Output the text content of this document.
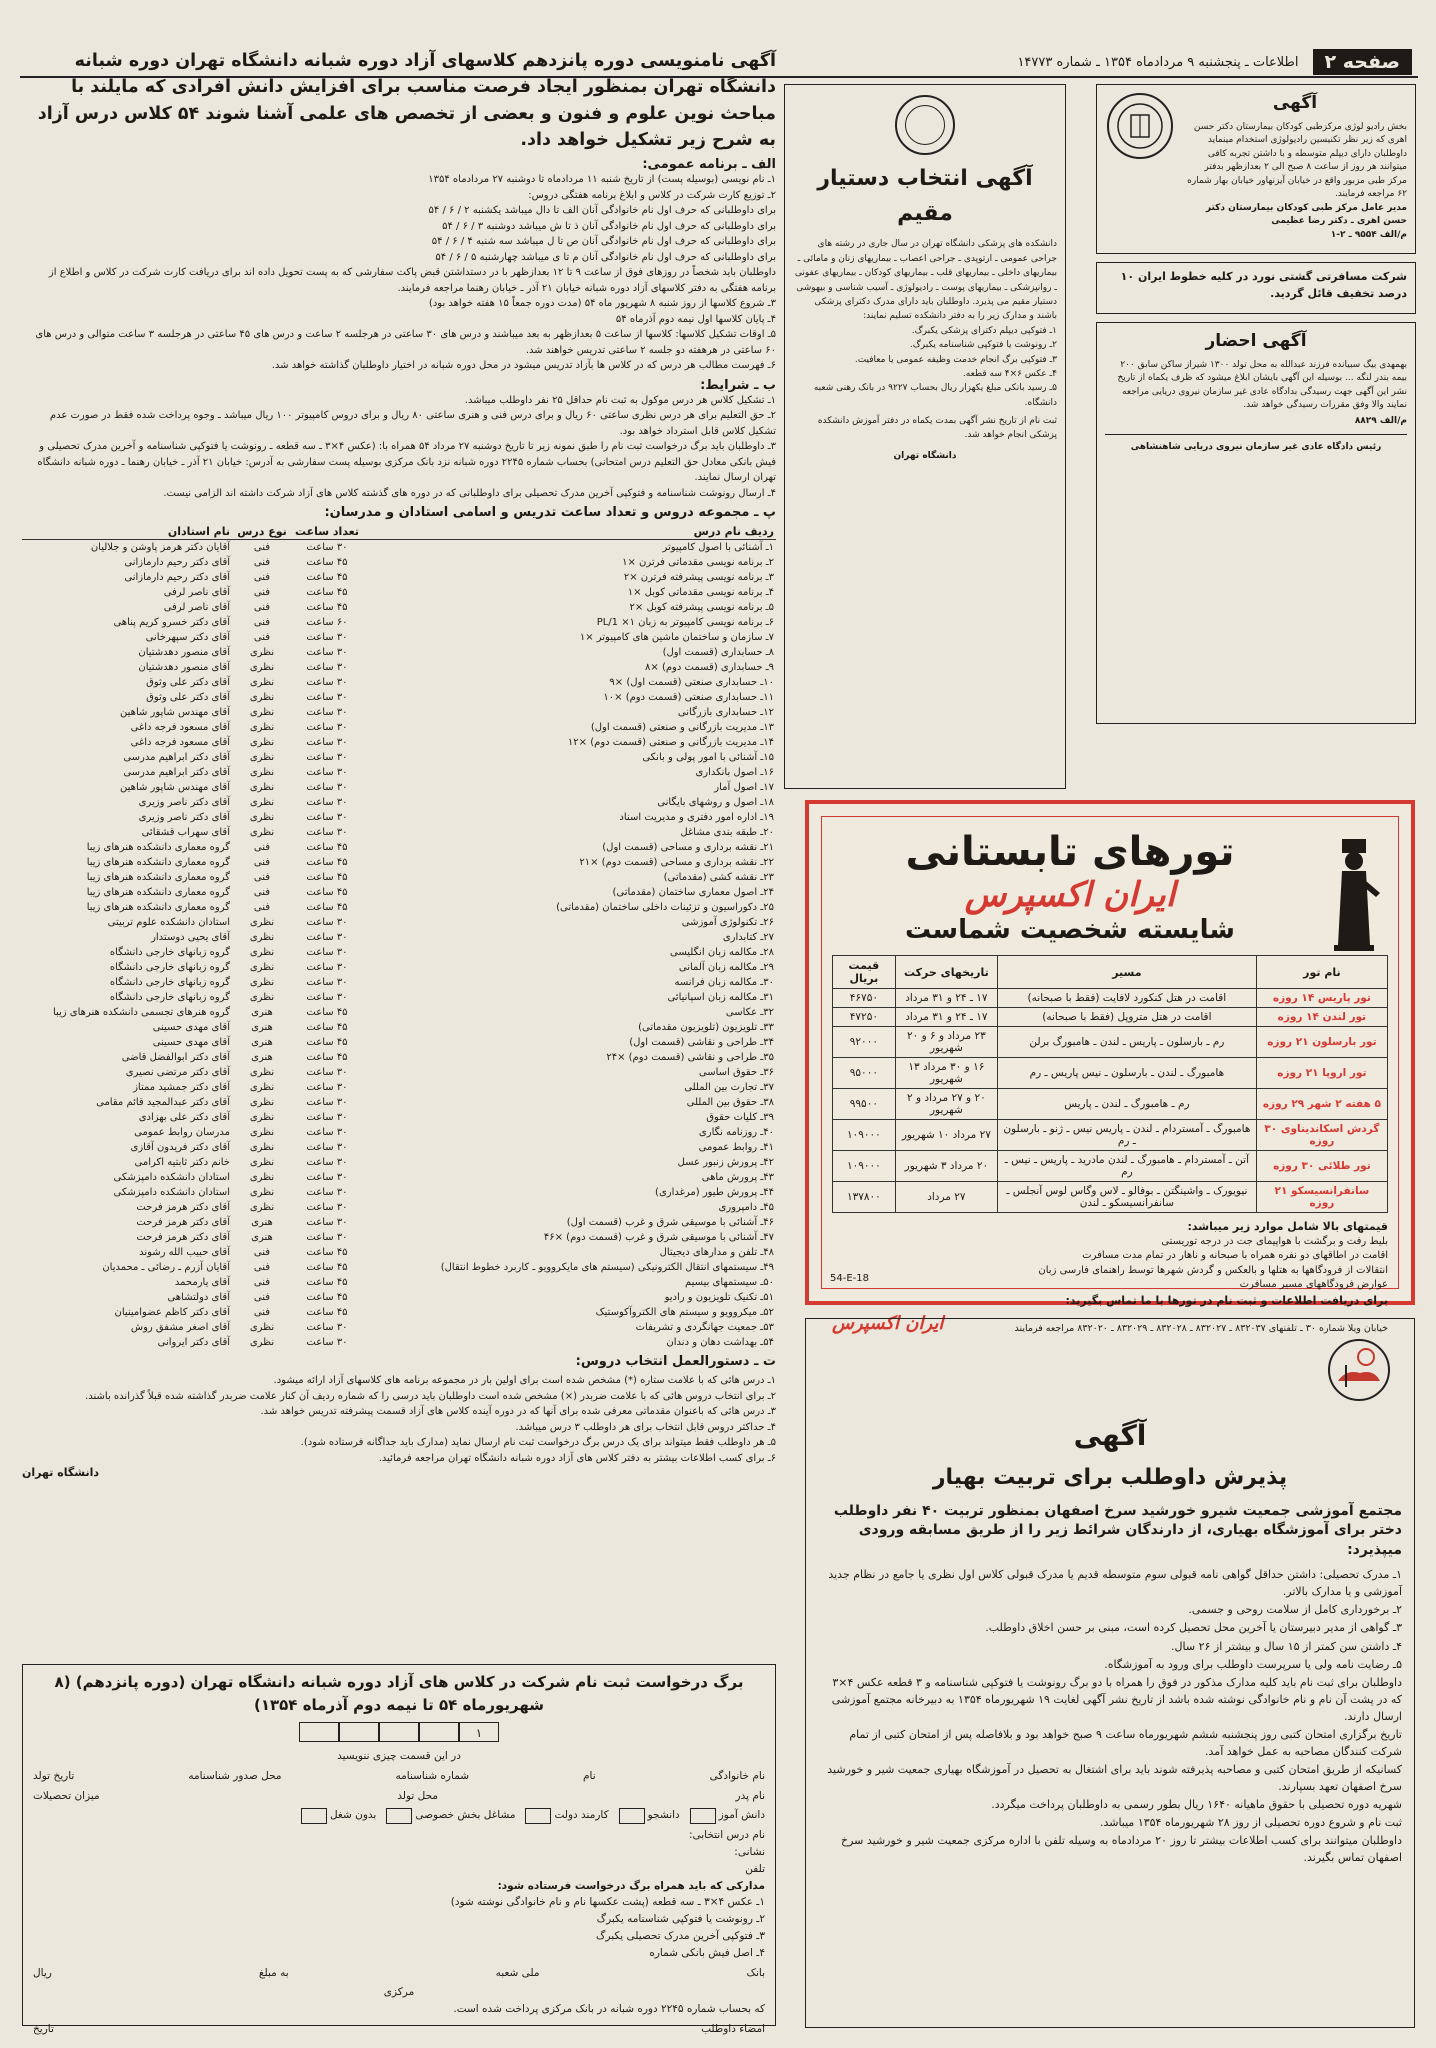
صفحه ۲
اطلاعات ـ پنجشنبه ۹ مردادماه ۱۳۵۴ ـ شماره ۱۴۷۷۳
آگهی

بخش رادیو لوژی مرکزطبی کودکان بیمارستان دکتر حسن اهری که زیر نظر تکنیسین رادیولوژی استخدام مینماید داوطلبان دارای دیپلم متوسطه و با داشتن تجربه کافی میتوانند هر روز از ساعت ۸ صبح الی ۲ بعدازظهر بدفتر مرکز طبی مزبور واقع در خیابان آیزنهاور خیابان بهار شماره ۶۲ مراجعه فرمایند.

مدیر عامل مرکز طبی کودکان بیمارستان دکتر حسن اهری ـ دکتر رضا عظیمی

م/الف ۹۵۵۴ ـ ۲-۱

شرکت مسافرتی گشتی نورد در کلیه خطوط ایران ۱۰ درصد تخفیف قائل گردید.

آگهی احضار

بهمهدی بیگ سبیانده فرزند عبدالله به محل تولد ۱۳۰۰ شیراز ساکن سابق ۲۰۰ بیمه بندر لنگه ... بوسیله این آگهی بایشان ابلاغ میشود که ظرف یکماه از تاریخ نشر این آگهی جهت رسیدگی بدادگاه عادی غیر سازمان نیروی دریایی مراجعه نمایند والا وفق مقررات رسیدگی خواهد شد.

م/الف ۸۸۲۹

رئیس دادگاه عادی غیر سازمان نیروی دریایی شاهنشاهی

آگهی انتخاب دستیار مقیم

دانشکده های پزشکی دانشگاه تهران در سال جاری در رشته های جراحی عمومی ـ ارتوپدی ـ جراحی اعصاب ـ بیماریهای زنان و مامائی ـ بیماریهای داخلی ـ بیماریهای قلب ـ بیماریهای کودکان ـ بیماریهای عفونی ـ روانپزشکی ـ بیماریهای پوست ـ رادیولوژی ـ آسیب شناسی و بیهوشی دستیار مقیم می پذیرد. داوطلبان باید دارای مدرک دکترای پزشکی باشند و مدارک زیر را به دفتر دانشکده تسلیم نمایند:

۱ـ فتوکپی دیپلم دکترای پزشکی یکبرگ.

۲ـ رونوشت یا فتوکپی شناسنامه یکبرگ.

۳ـ فتوکپی برگ انجام خدمت وظیفه عمومی یا معافیت.

۴ـ عکس ۶×۴ سه قطعه.

۵ـ رسید بانکی مبلغ یکهزار ریال بحساب ۹۲۲۷ در بانک رهنی شعبه دانشگاه.

ثبت نام از تاریخ نشر آگهی بمدت یکماه در دفتر آموزش دانشکده پزشکی انجام خواهد شد.

دانشگاه تهران

تورهای تابستانی
ایران اکسپرس
شایسته شخصیت شماست
نام تور	مسیر	تاریخهای حرکت	قیمت بریال
تور پاریس ۱۴ روزه	اقامت در هتل کنکورد لافایت (فقط با صبحانه)	۱۷ ـ ۲۴ و ۳۱ مرداد	۴۶۷۵۰
تور لندن ۱۴ روزه	اقامت در هتل متروپل (فقط با صبحانه)	۱۷ ـ ۲۴ و ۳۱ مرداد	۴۷۲۵۰
تور بارسلون ۲۱ روزه	رم ـ بارسلون ـ پاریس ـ لندن ـ هامبورگ برلن	۲۳ مرداد و ۶ و ۲۰ شهریور	۹۲۰۰۰
تور اروپا ۲۱ روزه	هامبورگ ـ لندن ـ بارسلون ـ نیس پاریس ـ رم	۱۶ و ۳۰ مرداد ۱۳ شهریور	۹۵۰۰۰
۵ هفته ۲ شهر ۲۹ روزه	رم ـ هامبورگ ـ لندن ـ پاریس	۲۰ و ۲۷ مرداد و ۲ شهریور	۹۹۵۰۰
گردش اسکاندیناوی ۳۰ روزه	هامبورگ ـ آمستردام ـ لندن ـ پاریس نیس ـ ژنو ـ بارسلون ـ رم	۲۷ مرداد ۱۰ شهریور	۱۰۹۰۰۰
تور طلائی ۳۰ روزه	آتن ـ آمستردام ـ هامبورگ ـ لندن مادرید ـ پاریس ـ نیس ـ رم	۲۰ مرداد ۳ شهریور	۱۰۹۰۰۰
سانفرانسیسکو ۲۱ روزه	نیویورک ـ واشینگتن ـ بوفالو ـ لاس وگاس لوس آنجلس ـ سانفرانسیسکو ـ لندن	۲۷ مرداد	۱۳۷۸۰۰

قیمتهای بالا شامل موارد زیر میباشد:

بلیط رفت و برگشت با هواپیمای جت در درجه توریستی

اقامت در اطاقهای دو نفره همراه با صبحانه و ناهار در تمام مدت مسافرت

انتقالات از فرودگاهها به هتلها و بالعکس و گردش شهرها توسط راهنمای فارسی زبان

عوارض فرودگاههای مسیر مسافرت

برای دریافت اطلاعات و ثبت نام در تورها با ما تماس بگیرید:

خیابان ویلا شماره ۳۰ ـ تلفنهای ۸۳۲۰۳۷ ـ ۸۳۲۰۲۷ ـ ۸۳۲۰۲۸ ـ ۸۳۲۰۲۹ ـ ۸۳۲۰۲۰ مراجعه فرمایند
ایران اکسپرس
54-E-18
آگهی
پذیرش داوطلب برای تربیت بهیار
مجتمع آموزشی جمعیت شیرو خورشید سرخ اصفهان بمنظور تربیت ۴۰ نفر داوطلب دختر برای آموزشگاه بهیاری، از دارندگان شرائط زیر را از طریق مسابقه ورودی میپذیرد:

۱ـ مدرک تحصیلی: داشتن حداقل گواهی نامه قبولی سوم متوسطه قدیم یا مدرک قبولی کلاس اول نظری یا جامع در نظام جدید آموزشی و یا مدارک بالاتر.

۲ـ برخورداری کامل از سلامت روحی و جسمی.

۳ـ گواهی از مدیر دبیرستان یا آخرین محل تحصیل کرده است، مبنی بر حسن اخلاق داوطلب.

۴ـ داشتن سن کمتر از ۱۵ سال و بیشتر از ۲۶ سال.

۵ـ رضایت نامه ولی یا سرپرست داوطلب برای ورود به آموزشگاه.

داوطلبان برای ثبت نام باید کلیه مدارک مذکور در فوق را همراه با دو برگ رونوشت یا فتوکپی شناسنامه و ۳ قطعه عکس ۴×۳ که در پشت آن نام و نام خانوادگی نوشته شده باشد از تاریخ نشر آگهی لغایت ۱۹ شهریورماه ۱۳۵۴ به دبیرخانه مجتمع آموزشی ارسال دارند.

تاریخ برگزاری امتحان کتبی روز پنجشنبه ششم شهریورماه ساعت ۹ صبح خواهد بود و بلافاصله پس از امتحان کتبی از تمام شرکت کنندگان مصاحبه به عمل خواهد آمد.

کسانیکه از طریق امتحان کتبی و مصاحبه پذیرفته شوند باید برای اشتغال به تحصیل در آموزشگاه بهیاری جمعیت شیر و خورشید سرخ اصفهان تعهد بسپارند.

شهریه دوره تحصیلی با حقوق ماهیانه ۱۶۴۰ ریال بطور رسمی به داوطلبان پرداخت میگردد.

ثبت نام و شروع دوره تحصیلی از روز ۲۸ شهریورماه ۱۳۵۴ میباشد.

داوطلبان میتوانند برای کسب اطلاعات بیشتر تا روز ۲۰ مردادماه به وسیله تلفن با اداره مرکزی جمعیت شیر و خورشید سرخ اصفهان تماس بگیرند.

آگهی نامنویسی دوره پانزدهم کلاسهای آزاد دوره شبانه دانشگاه تهران دوره شبانه دانشگاه تهران بمنظور ایجاد فرصت مناسب برای افزایش دانش افرادی که مایلند با مباحث نوین علوم و فنون و بعضی از تخصص های علمی آشنا شوند ۵۴ کلاس درس آزاد به شرح زیر تشکیل خواهد داد.
الف ـ برنامه عمومی:

۱ـ نام نویسی (بوسیله پست) از تاریخ شنبه ۱۱ مردادماه تا دوشنبه ۲۷ مردادماه ۱۳۵۴

۲ـ توزیع کارت شرکت در کلاس و ابلاغ برنامه هفتگی دروس:

برای داوطلبانی که حرف اول نام خانوادگی آنان الف تا دال میباشد یکشنبه ۲ / ۶ / ۵۴

برای داوطلبانی که حرف اول نام خانوادگی آنان ذ تا ش میباشد دوشنبه ۳ / ۶ / ۵۴

برای داوطلبانی که حرف اول نام خانوادگی آنان ص تا ل میباشد سه شنبه ۴ / ۶ / ۵۴

برای داوطلبانی که حرف اول نام خانوادگی آنان م تا ی میباشد چهارشنبه ۵ / ۶ / ۵۴

داوطلبان باید شخصاً در روزهای فوق از ساعت ۹ تا ۱۲ بعدازظهر با در دستداشتن قبض پاکت سفارشی که به پست تحویل داده اند برای دریافت کارت شرکت در کلاس و اطلاع از برنامه هفتگی به دفتر کلاسهای آزاد دوره شبانه خیابان ۲۱ آذر ـ خیابان رهنما مراجعه فرمایند.

۳ـ شروع کلاسها از روز شنبه ۸ شهریور ماه ۵۴ (مدت دوره جمعاً ۱۵ هفته خواهد بود)

۴ـ پایان کلاسها اول نیمه دوم آذرماه ۵۴

۵ـ اوقات تشکیل کلاسها: کلاسها از ساعت ۵ بعدازظهر به بعد میباشند و درس های ۳۰ ساعتی در هرجلسه ۲ ساعت و درس های ۴۵ ساعتی در هرجلسه ۳ ساعت متوالی و درس های ۶۰ ساعتی در هرهفته دو جلسه ۲ ساعتی تدریس خواهند شد.

۶ـ فهرست مطالب هر درس که در کلاس ها بآزاد تدریس میشود در محل دوره شبانه در اختیار داوطلبان گذاشته خواهد شد.

ب ـ شرایط:

۱ـ تشکیل کلاس هر درس موکول به ثبت نام حداقل ۲۵ نفر داوطلب میباشد.

۲ـ حق التعلیم برای هر درس نظری ساعتی ۶۰ ریال و برای درس فنی و هنری ساعتی ۸۰ ریال و برای دروس کامپیوتر ۱۰۰ ریال میباشد ـ وجوه پرداخت شده فقط در صورت عدم تشکیل کلاس قابل استرداد خواهد بود.

۳ـ داوطلبان باید برگ درخواست ثبت نام را طبق نمونه زیر تا تاریخ دوشنبه ۲۷ مرداد ۵۴ همراه با: (عکس ۴×۳ ـ سه قطعه ـ رونوشت یا فتوکپی شناسنامه و آخرین مدرک تحصیلی و فیش بانکی معادل حق التعلیم درس امتحانی) بحساب شماره ۲۲۴۵ دوره شبانه نزد بانک مرکزی بوسیله پست سفارشی به آدرس: خیابان ۲۱ آذر ـ خیابان رهنما ـ دوره شبانه دانشگاه تهران ارسال نمایند.

۴ـ ارسال رونوشت شناسنامه و فتوکپی آخرین مدرک تحصیلی برای داوطلبانی که در دوره های گذشته کلاس های آزاد شرکت داشته اند الزامی نیست.

پ ـ مجموعه دروس و تعداد ساعت تدریس و اسامی استادان و مدرسان:
ردیف نام درس	تعداد ساعت	نوع درس	نام استادان
۱ـ آشنائی با اصول کامپیوتر	۳۰ ساعت	فنی	آقایان دکتر هرمز پاوشن و جلالیان
۲ـ برنامه نویسی مقدماتی فرترن ×۱	۴۵ ساعت	فنی	آقای دکتر رحیم دارمازانی
۳ـ برنامه نویسی پیشرفته فرترن ×۲	۴۵ ساعت	فنی	آقای دکتر رحیم دارمازانی
۴ـ برنامه نویسی مقدماتی کوبل ×۱	۴۵ ساعت	فنی	آقای ناصر لرفی
۵ـ برنامه نویسی پیشرفته کوبل ×۲	۴۵ ساعت	فنی	آقای ناصر لرفی
۶ـ برنامه نویسی کامپیوتر به زبان PL/1 ×۱	۶۰ ساعت	فنی	آقای دکتر خسرو کریم پناهی
۷ـ سازمان و ساختمان ماشین های کامپیوتر ×۱	۳۰ ساعت	فنی	آقای دکتر سپهرخانی
۸ـ حسابداری (قسمت اول)	۳۰ ساعت	نظری	آقای منصور دهدشتیان
۹ـ حسابداری (قسمت دوم) ×۸	۳۰ ساعت	نظری	آقای منصور دهدشتیان
۱۰ـ حسابداری صنعتی (قسمت اول) ×۹	۳۰ ساعت	نظری	آقای دکتر علی وثوق
۱۱ـ حسابداری صنعتی (قسمت دوم) ×۱۰	۳۰ ساعت	نظری	آقای دکتر علی وثوق
۱۲ـ حسابداری بازرگانی	۳۰ ساعت	نظری	آقای مهندس شاپور شاهین
۱۳ـ مدیریت بازرگانی و صنعتی (قسمت اول)	۳۰ ساعت	نظری	آقای مسعود فرجه داغی
۱۴ـ مدیریت بازرگانی و صنعتی (قسمت دوم) ×۱۲	۳۰ ساعت	نظری	آقای مسعود فرجه داغی
۱۵ـ آشنائی با امور پولی و بانکی	۳۰ ساعت	نظری	آقای دکتر ابراهیم مدرسی
۱۶ـ اصول بانکداری	۳۰ ساعت	نظری	آقای دکتر ابراهیم مدرسی
۱۷ـ اصول آمار	۳۰ ساعت	نظری	آقای مهندس شاپور شاهین
۱۸ـ اصول و روشهای بایگانی	۳۰ ساعت	نظری	آقای دکتر ناصر وزیری
۱۹ـ اداره امور دفتری و مدیریت اسناد	۳۰ ساعت	نظری	آقای دکتر ناصر وزیری
۲۰ـ طبقه بندی مشاغل	۳۰ ساعت	نظری	آقای سهراب قشقائی
۲۱ـ نقشه برداری و مساحی (قسمت اول)	۴۵ ساعت	فنی	گروه معماری دانشکده هنرهای زیبا
۲۲ـ نقشه برداری و مساحی (قسمت دوم) ×۲۱	۴۵ ساعت	فنی	گروه معماری دانشکده هنرهای زیبا
۲۳ـ نقشه کشی (مقدماتی)	۴۵ ساعت	فنی	گروه معماری دانشکده هنرهای زیبا
۲۴ـ اصول معماری ساختمان (مقدماتی)	۴۵ ساعت	فنی	گروه معماری دانشکده هنرهای زیبا
۲۵ـ دکوراسیون و تزئینات داخلی ساختمان (مقدماتی)	۴۵ ساعت	فنی	گروه معماری دانشکده هنرهای زیبا
۲۶ـ تکنولوژی آموزشی	۳۰ ساعت	نظری	استادان دانشکده علوم تربیتی
۲۷ـ کتابداری	۳۰ ساعت	نظری	آقای یحیی دوستدار
۲۸ـ مکالمه زبان انگلیسی	۳۰ ساعت	نظری	گروه زبانهای خارجی دانشگاه
۲۹ـ مکالمه زبان آلمانی	۳۰ ساعت	نظری	گروه زبانهای خارجی دانشگاه
۳۰ـ مکالمه زبان فرانسه	۳۰ ساعت	نظری	گروه زبانهای خارجی دانشگاه
۳۱ـ مکالمه زبان اسپانیائی	۳۰ ساعت	نظری	گروه زبانهای خارجی دانشگاه
۳۲ـ عکاسی	۴۵ ساعت	هنری	گروه هنرهای تجسمی دانشکده هنرهای زیبا
۳۳ـ تلویزیون (تلویزیون مقدماتی)	۴۵ ساعت	هنری	آقای مهدی حسینی
۳۴ـ طراحی و نقاشی (قسمت اول)	۴۵ ساعت	هنری	آقای مهدی حسینی
۳۵ـ طراحی و نقاشی (قسمت دوم) ×۲۴	۴۵ ساعت	هنری	آقای دکتر ابوالفضل قاضی
۳۶ـ حقوق اساسی	۳۰ ساعت	نظری	آقای دکتر مرتضی نصیری
۳۷ـ تجارت بین المللی	۳۰ ساعت	نظری	آقای دکتر جمشید ممتاز
۳۸ـ حقوق بین المللی	۳۰ ساعت	نظری	آقای دکتر عبدالمجید قائم مقامی
۳۹ـ کلیات حقوق	۳۰ ساعت	نظری	آقای دکتر علی بهزادی
۴۰ـ روزنامه نگاری	۳۰ ساعت	نظری	مدرسان روابط عمومی
۴۱ـ روابط عمومی	۳۰ ساعت	نظری	آقای دکتر فریدون آقازی
۴۲ـ پرورش زنبور عسل	۳۰ ساعت	نظری	خانم دکتر ثابتیه اکرامی
۴۳ـ پرورش ماهی	۳۰ ساعت	نظری	استادان دانشکده دامپزشکی
۴۴ـ پرورش طیور (مرغداری)	۳۰ ساعت	نظری	استادان دانشکده دامپزشکی
۴۵ـ دامپروری	۳۰ ساعت	نظری	آقای دکتر هرمز فرحت
۴۶ـ آشنائی با موسیقی شرق و غرب (قسمت اول)	۳۰ ساعت	هنری	آقای دکتر هرمز فرحت
۴۷ـ آشنائی با موسیقی شرق و غرب (قسمت دوم) ×۴۶	۳۰ ساعت	هنری	آقای دکتر هرمز فرحت
۴۸ـ تلفن و مدارهای دیجیتال	۴۵ ساعت	فنی	آقای حبیب الله رشوند
۴۹ـ سیستمهای انتقال الکترونیکی (سیستم های مایکروویو ـ کاربرد خطوط انتقال)	۴۵ ساعت	فنی	آقایان آزرم ـ رضائی ـ محمدیان
۵۰ـ سیستمهای بیسیم	۴۵ ساعت	فنی	آقای یارمحمد
۵۱ـ تکنیک تلویزیون و رادیو	۴۵ ساعت	فنی	آقای دولتشاهی
۵۲ـ میکروویو و سیستم های الکتروآکوستیک	۴۵ ساعت	فنی	آقای دکتر کاظم عضوامینیان
۵۳ـ جمعیت جهانگردی و تشریفات	۳۰ ساعت	نظری	آقای اصغر مشفق روش
۵۴ـ بهداشت دهان و دندان	۳۰ ساعت	نظری	آقای دکتر ایروانی
ت ـ دستورالعمل انتخاب دروس:

۱ـ درس هائی که با علامت ستاره (*) مشخص شده است برای اولین بار در مجموعه برنامه های کلاسهای آزاد ارائه میشود.

۲ـ برای انتخاب دروس هائی که با علامت ضربدر (×) مشخص شده است داوطلبان باید درسی را که شماره ردیف آن کنار علامت ضربدر گذاشته شده قبلاً گذرانده باشند.

۳ـ درس هائی که باعنوان مقدماتی معرفی شده برای آنها که در دوره آینده کلاس های آزاد قسمت پیشرفته تدریس خواهد شد.

۴ـ حداکثر دروس قابل انتخاب برای هر داوطلب ۳ درس میباشد.

۵ـ هر داوطلب فقط میتواند برای یک درس برگ درخواست ثبت نام ارسال نماید (مدارک باید جداگانه فرستاده شود).

۶ـ برای کسب اطلاعات بیشتر به دفتر کلاس های آزاد دوره شبانه دانشگاه تهران مراجعه فرمائید.

دانشگاه تهران

برگ درخواست ثبت نام شرکت در کلاس های آزاد دوره شبانه دانشگاه تهران (دوره پانزدهم) (۸ شهریورماه ۵۴ تا نیمه دوم آذرماه ۱۳۵۴)
۱

در این قسمت چیزی ننویسید

نام خانوادگی
نام
شماره شناسنامه
محل صدور شناسنامه
تاریخ تولد
نام پدر
محل تولد
میزان تحصیلات
دانش آموز
دانشجو
کارمند دولت
مشاغل بخش خصوصی
بدون شغل

نام درس انتخابی:

نشانی:

تلفن

مدارکی که باید همراه برگ درخواست فرستاده شود:

۱ـ عکس ۴×۳ ـ سه قطعه (پشت عکسها نام و نام خانوادگی نوشته شود)

۲ـ رونوشت یا فتوکپی شناسنامه یکبرگ

۳ـ فتوکپی آخرین مدرک تحصیلی یکبرگ

۴ـ اصل فیش بانکی شماره

بانک
ملی شعبه
به مبلغ
ریال

مرکزی

که بحساب شماره ۲۲۴۵ دوره شبانه در بانک مرکزی پرداخت شده است.

امضاء داوطلب
تاریخ
